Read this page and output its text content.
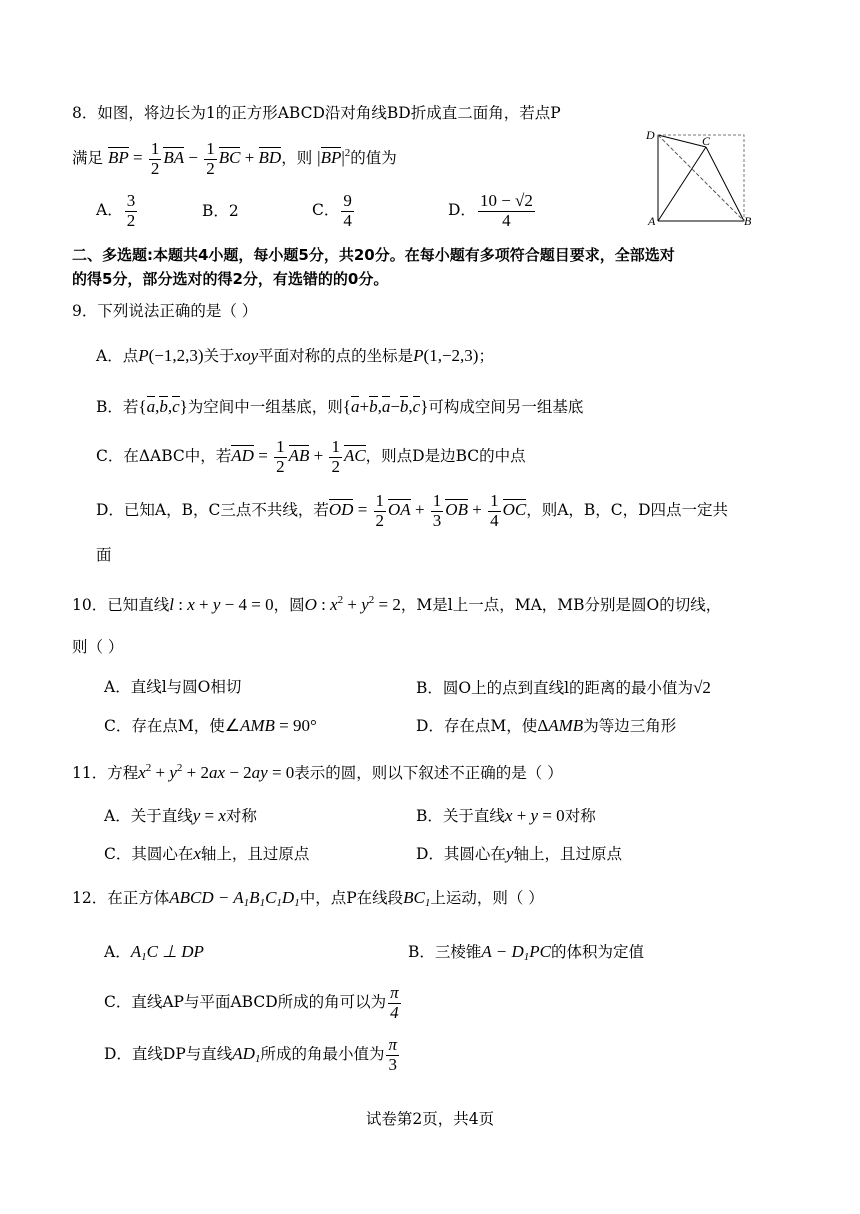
8．如图，将边长为1的正方形ABCD沿对角线BD折成直二面角，若点P
满足 BP = $\frac{1}{2}$ BA − $\frac{1}{2}$ BC + BD，则 $|BP|^2$的值为
A． $\frac{3}{2}$	B．2	C． $\frac{9}{4}$	D． $\frac{10 - √2}{4}$
D	C
A	B
二、多选题:本题共4小题，每小题5分，共20分。在每小题有多项符合题目要求，全部选对
的得5分，部分选对的得2分，有选错的的0分。
9．下列说法正确的是（ ）
A．点P(−1,2,3)关于xoy平面对称的点的坐标是P(1,−2,3)；
B．若{a,b,c}为空间中一组基底，则{a+b,a−b,c}可构成空间另一组基底
C．在ΔABC中，若AD = $\frac{1}{2}$ AB + $\frac{1}{2}$ AC，则点D是边BC的中点
D．已知A，B，C三点不共线，若OD = $\frac{1}{2}$ OA + $\frac{1}{3}$ OB + $\frac{1}{4}$ OC，则A，B，C，D四点一定共
面
10．已知直线l : x + y − 4 = 0，圆O : $x^2 + y^2 = 2$，M是l上一点，MA，MB分别是圆O的切线，
则（ ）
A．直线l与圆O相切	B．圆O上的点到直线l的距离的最小值为√2
C．存在点M，使∠AMB = 90°	D．存在点M，使ΔAMB为等边三角形
11．方程$x^2 + y^2 + 2ax - 2ay = 0$表示的圆，则以下叙述不正确的是（ ）
A．关于直线y = x对称	B．关于直线x + y = 0对称
C．其圆心在x轴上，且过原点	D．其圆心在y轴上，且过原点
12．在正方体ABCD − $A_1B_1C_1D_1$中，点P在线段$BC_1$上运动，则（ ）
A．$A_1C$ ⊥ DP	B．三棱锥$A - D_1PC$的体积为定值
C．直线AP与平面ABCD所成的角可以为 $\frac{\pi}{4}$
D．直线DP与直线$AD_1$所成的角最小值为 $\frac{\pi}{3}$
试卷第2页，共4页
